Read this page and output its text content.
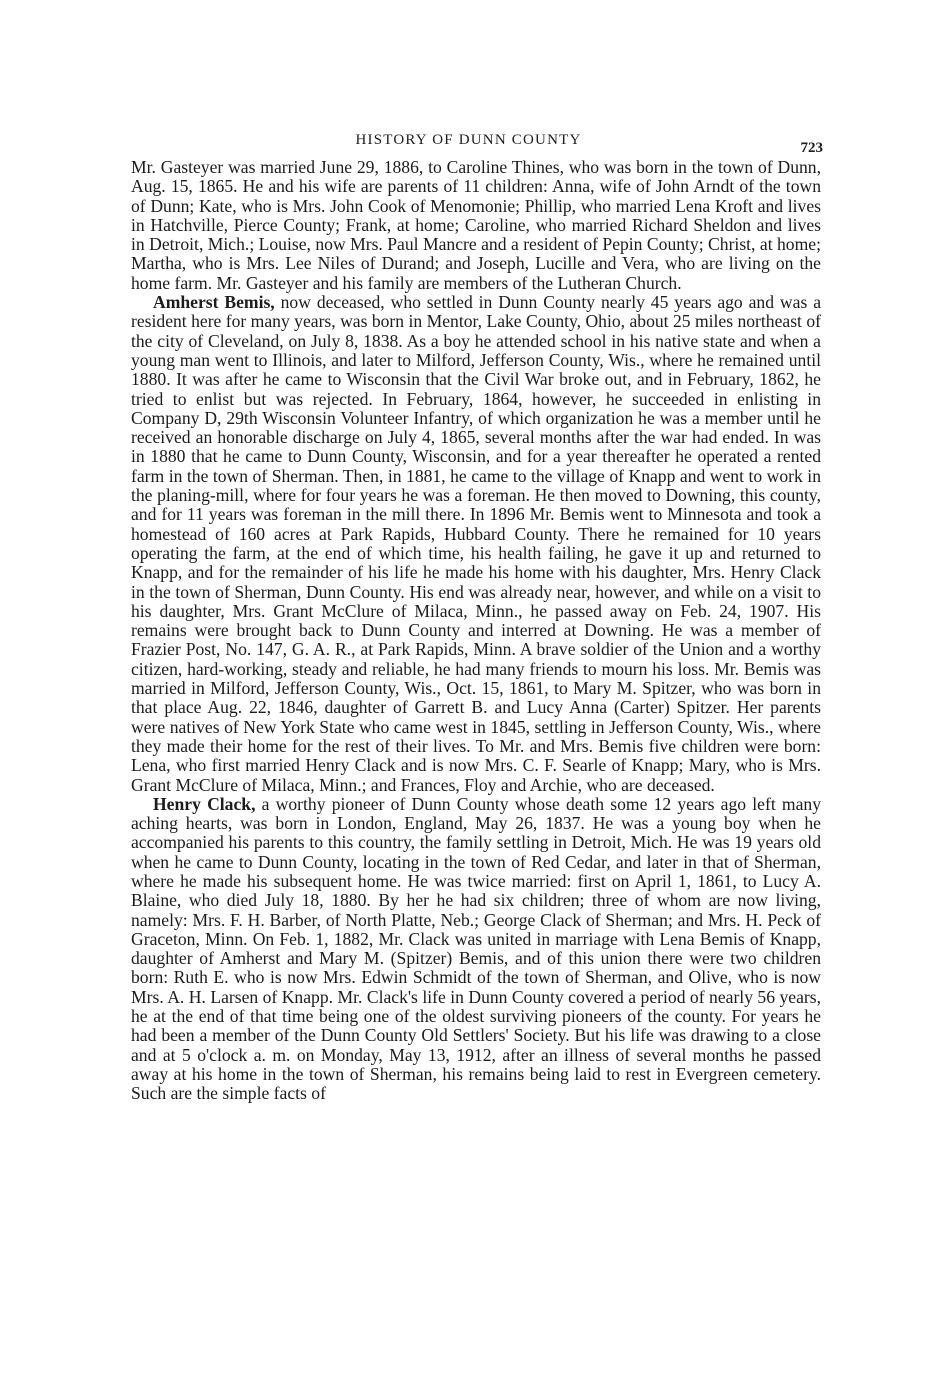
HISTORY OF DUNN COUNTY	723

Mr. Gasteyer was married June 29, 1886, to Caroline Thines, who was born in the town of Dunn, Aug. 15, 1865. He and his wife are parents of 11 children: Anna, wife of John Arndt of the town of Dunn; Kate, who is Mrs. John Cook of Menomonie; Phillip, who married Lena Kroft and lives in Hatchville, Pierce County; Frank, at home; Caroline, who married Richard Sheldon and lives in Detroit, Mich.; Louise, now Mrs. Paul Mancre and a resident of Pepin County; Christ, at home; Martha, who is Mrs. Lee Niles of Durand; and Joseph, Lucille and Vera, who are living on the home farm. Mr. Gasteyer and his family are members of the Lutheran Church.

Amherst Bemis, now deceased, who settled in Dunn County nearly 45 years ago and was a resident here for many years, was born in Mentor, Lake County, Ohio, about 25 miles northeast of the city of Cleveland, on July 8, 1838. As a boy he attended school in his native state and when a young man went to Illinois, and later to Milford, Jefferson County, Wis., where he remained until 1880. It was after he came to Wisconsin that the Civil War broke out, and in February, 1862, he tried to enlist but was rejected. In February, 1864, however, he succeeded in enlisting in Company D, 29th Wisconsin Volunteer Infantry, of which organization he was a member until he received an honorable discharge on July 4, 1865, several months after the war had ended. In was in 1880 that he came to Dunn County, Wisconsin, and for a year thereafter he operated a rented farm in the town of Sherman. Then, in 1881, he came to the village of Knapp and went to work in the planing-mill, where for four years he was a foreman. He then moved to Downing, this county, and for 11 years was foreman in the mill there. In 1896 Mr. Bemis went to Minnesota and took a homestead of 160 acres at Park Rapids, Hubbard County. There he remained for 10 years operating the farm, at the end of which time, his health failing, he gave it up and returned to Knapp, and for the remainder of his life he made his home with his daughter, Mrs. Henry Clack in the town of Sherman, Dunn County. His end was already near, however, and while on a visit to his daughter, Mrs. Grant McClure of Milaca, Minn., he passed away on Feb. 24, 1907. His remains were brought back to Dunn County and interred at Downing. He was a member of Frazier Post, No. 147, G. A. R., at Park Rapids, Minn. A brave soldier of the Union and a worthy citizen, hard-working, steady and reliable, he had many friends to mourn his loss. Mr. Bemis was married in Milford, Jefferson County, Wis., Oct. 15, 1861, to Mary M. Spitzer, who was born in that place Aug. 22, 1846, daughter of Garrett B. and Lucy Anna (Carter) Spitzer. Her parents were natives of New York State who came west in 1845, settling in Jefferson County, Wis., where they made their home for the rest of their lives. To Mr. and Mrs. Bemis five children were born: Lena, who first married Henry Clack and is now Mrs. C. F. Searle of Knapp; Mary, who is Mrs. Grant McClure of Milaca, Minn.; and Frances, Floy and Archie, who are deceased.

Henry Clack, a worthy pioneer of Dunn County whose death some 12 years ago left many aching hearts, was born in London, England, May 26, 1837. He was a young boy when he accompanied his parents to this country, the family settling in Detroit, Mich. He was 19 years old when he came to Dunn County, locating in the town of Red Cedar, and later in that of Sherman, where he made his subsequent home. He was twice married: first on April 1, 1861, to Lucy A. Blaine, who died July 18, 1880. By her he had six children; three of whom are now living, namely: Mrs. F. H. Barber, of North Platte, Neb.; George Clack of Sherman; and Mrs. H. Peck of Graceton, Minn. On Feb. 1, 1882, Mr. Clack was united in marriage with Lena Bemis of Knapp, daughter of Amherst and Mary M. (Spitzer) Bemis, and of this union there were two children born: Ruth E. who is now Mrs. Edwin Schmidt of the town of Sherman, and Olive, who is now Mrs. A. H. Larsen of Knapp. Mr. Clack's life in Dunn County covered a period of nearly 56 years, he at the end of that time being one of the oldest surviving pioneers of the county. For years he had been a member of the Dunn County Old Settlers' Society. But his life was drawing to a close and at 5 o'clock a. m. on Monday, May 13, 1912, after an illness of several months he passed away at his home in the town of Sherman, his remains being laid to rest in Evergreen cemetery. Such are the simple facts of
